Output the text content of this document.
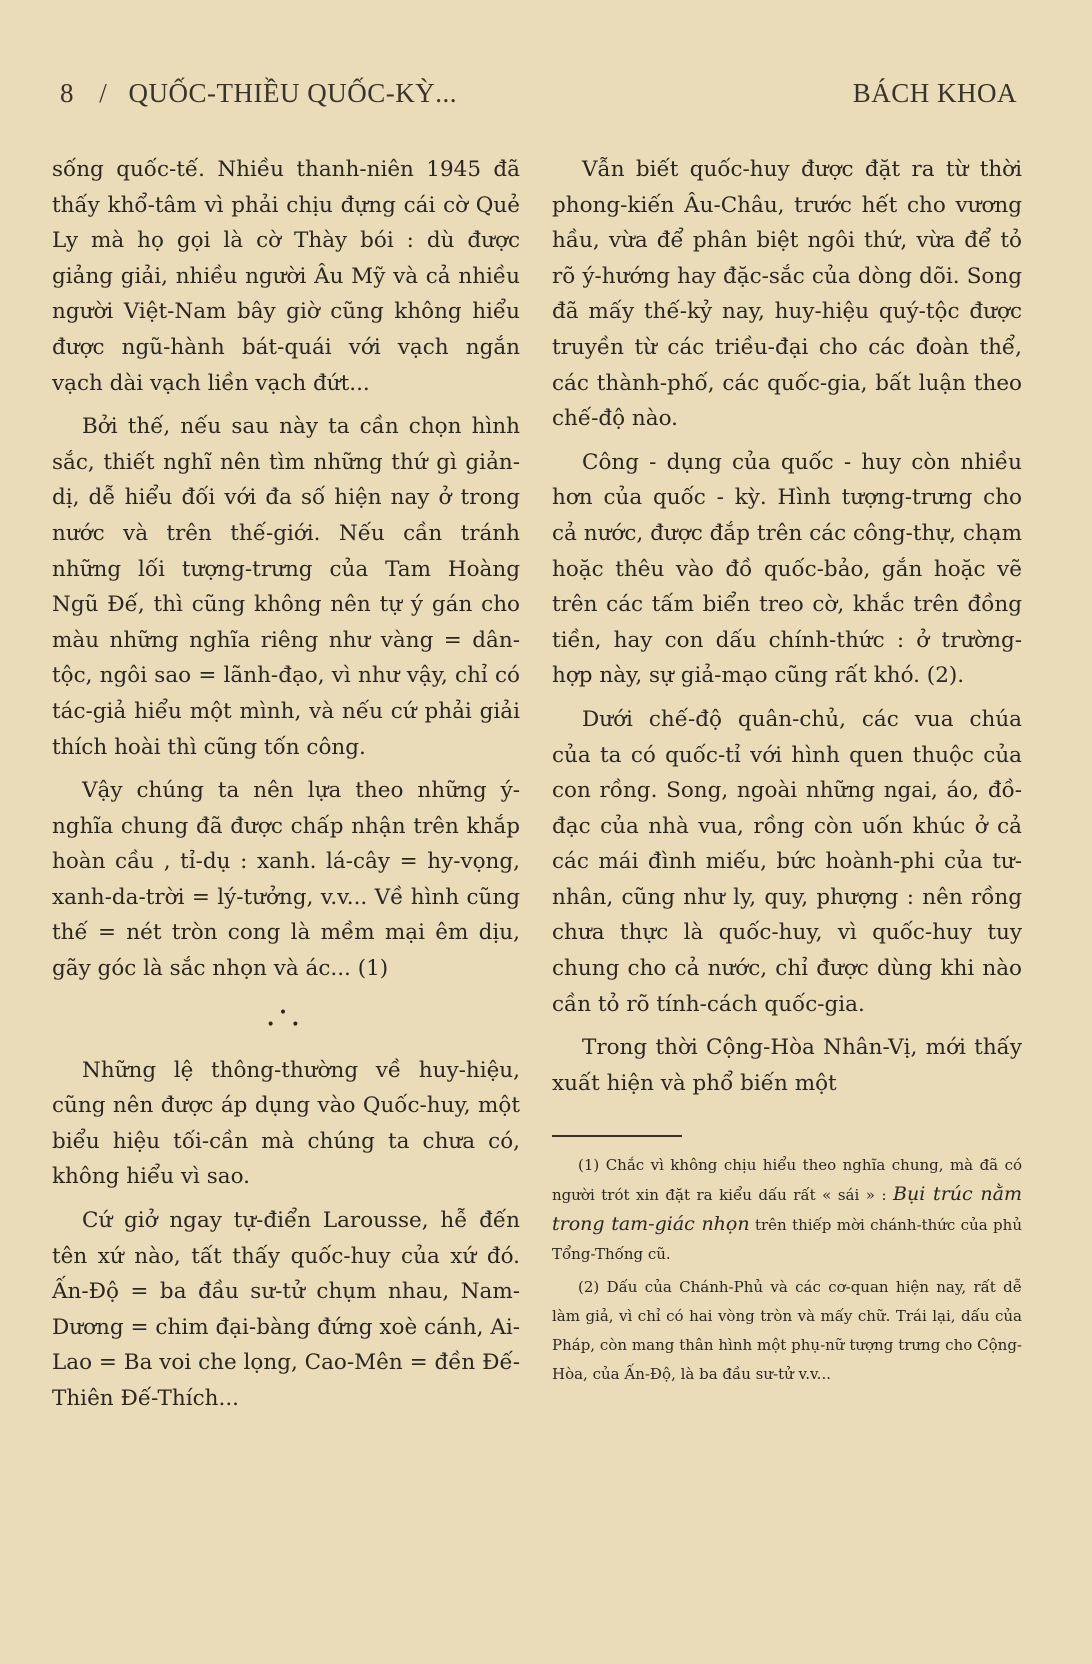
8 / QUỐC-THIỀU QUỐC-KỲ...	BÁCH KHOA

sống quốc-tế. Nhiều thanh-niên 1945 đã thấy khổ-tâm vì phải chịu đựng cái cờ Quẻ Ly mà họ gọi là cờ Thày bói : dù được giảng giải, nhiều người Âu Mỹ và cả nhiều người Việt-Nam bây giờ cũng không hiểu được ngũ-hành bát-quái với vạch ngắn vạch dài vạch liền vạch đứt...

Bởi thế, nếu sau này ta cần chọn hình sắc, thiết nghĩ nên tìm những thứ gì giản-dị, dễ hiểu đối với đa số hiện nay ở trong nước và trên thế-giới. Nếu cần tránh những lối tượng-trưng của Tam Hoàng Ngũ Đế, thì cũng không nên tự ý gán cho màu những nghĩa riêng như vàng = dân-tộc, ngôi sao = lãnh-đạo, vì như vậy, chỉ có tác-giả hiểu một mình, và nếu cứ phải giải thích hoài thì cũng tốn công.

Vậy chúng ta nên lựa theo những ý-nghĩa chung đã được chấp nhận trên khắp hoàn cầu , tỉ-dụ : xanh. lá-cây = hy-vọng, xanh-da-trời = lý-tưởng, v.v... Về hình cũng thế = nét tròn cong là mềm mại êm dịu, gãy góc là sắc nhọn và ác... (1)

•
• •

Những lệ thông-thường về huy-hiệu, cũng nên được áp dụng vào Quốc-huy, một biểu hiệu tối-cần mà chúng ta chưa có, không hiểu vì sao.

Cứ giở ngay tự-điển Larousse, hễ đến tên xứ nào, tất thấy quốc-huy của xứ đó. Ấn-Độ = ba đầu sư-tử chụm nhau, Nam-Dương = chim đại-bàng đứng xoè cánh, Ai-Lao = Ba voi che lọng, Cao-Mên = đền Đế-Thiên Đế-Thích...

Vẫn biết quốc-huy được đặt ra từ thời phong-kiến Âu-Châu, trước hết cho vương hầu, vừa để phân biệt ngôi thứ, vừa để tỏ rõ ý-hướng hay đặc-sắc của dòng dõi. Song đã mấy thế-kỷ nay, huy-hiệu quý-tộc được truyền từ các triều-đại cho các đoàn thể, các thành-phố, các quốc-gia, bất luận theo chế-độ nào.

Công - dụng của quốc - huy còn nhiều hơn của quốc - kỳ. Hình tượng-trưng cho cả nước, được đắp trên các công-thự, chạm hoặc thêu vào đồ quốc-bảo, gắn hoặc vẽ trên các tấm biển treo cờ, khắc trên đồng tiền, hay con dấu chính-thức : ở trường-hợp này, sự giả-mạo cũng rất khó. (2).

Dưới chế-độ quân-chủ, các vua chúa của ta có quốc-tỉ với hình quen thuộc của con rồng. Song, ngoài những ngai, áo, đồ-đạc của nhà vua, rồng còn uốn khúc ở cả các mái đình miếu, bức hoành-phi của tư-nhân, cũng như ly, quy, phượng : nên rồng chưa thực là quốc-huy, vì quốc-huy tuy chung cho cả nước, chỉ được dùng khi nào cần tỏ rõ tính-cách quốc-gia.

Trong thời Cộng-Hòa Nhân-Vị, mới thấy xuất hiện và phổ biến một

(1) Chắc vì không chịu hiểu theo nghĩa chung, mà đã có người trót xin đặt ra kiểu dấu rất « sái » : Bụi trúc nằm trong tam-giác nhọn trên thiếp mời chánh-thức của phủ Tổng-Thống cũ.

(2) Dấu của Chánh-Phủ và các cơ-quan hiện nay, rất dễ làm giả, vì chỉ có hai vòng tròn và mấy chữ. Trái lại, dấu của Pháp, còn mang thân hình một phụ-nữ tượng trưng cho Cộng-Hòa, của Ấn-Độ, là ba đầu sư-tử v.v...
